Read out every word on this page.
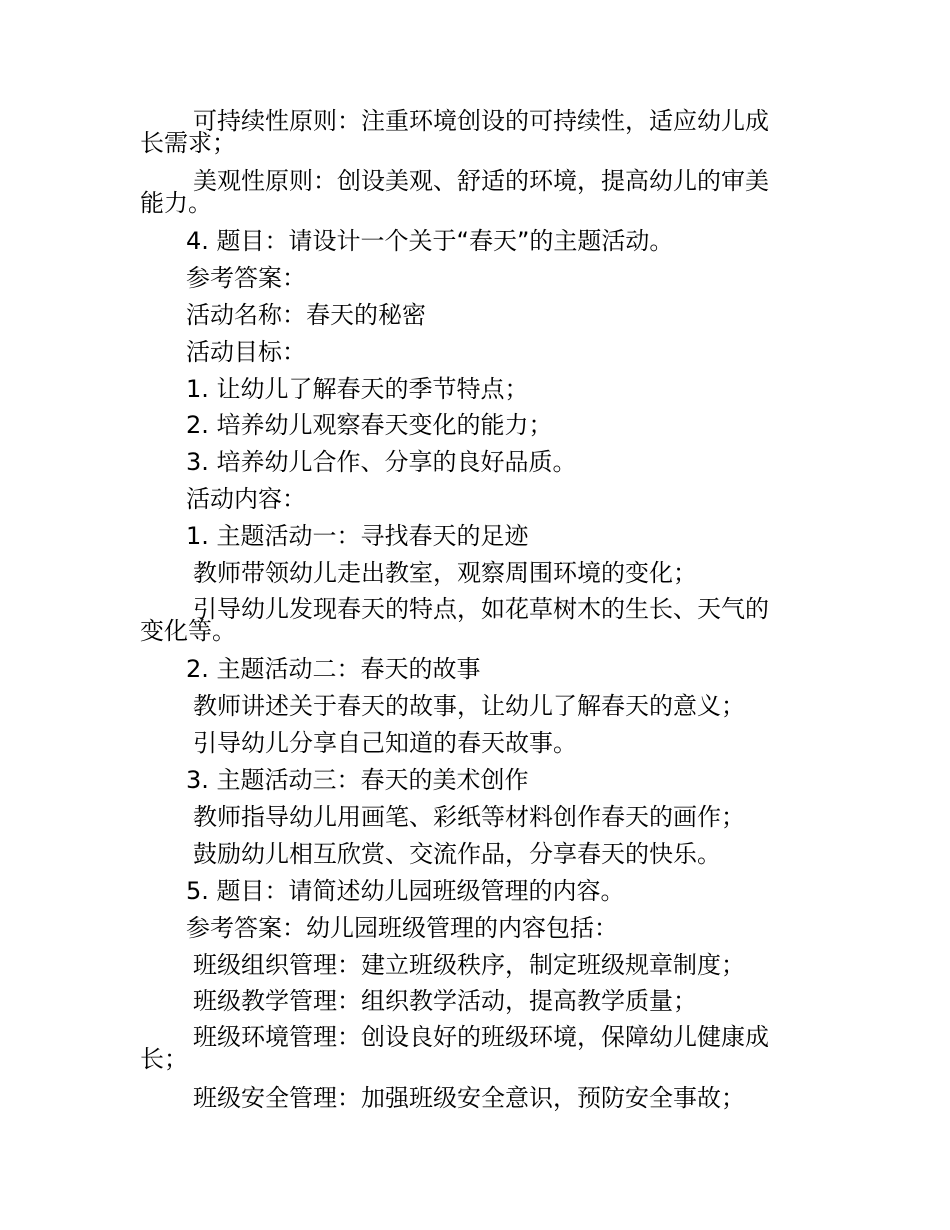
可持续性原则：注重环境创设的可持续性，适应幼儿成
长需求；
美观性原则：创设美观、舒适的环境，提高幼儿的审美
能力。
4. 题目：请设计一个关于“春天”的主题活动。
参考答案：
活动名称：春天的秘密
活动目标：
1. 让幼儿了解春天的季节特点；
2. 培养幼儿观察春天变化的能力；
3. 培养幼儿合作、分享的良好品质。
活动内容：
1. 主题活动一：寻找春天的足迹
教师带领幼儿走出教室，观察周围环境的变化；
引导幼儿发现春天的特点，如花草树木的生长、天气的
变化等。
2. 主题活动二：春天的故事
教师讲述关于春天的故事，让幼儿了解春天的意义；
引导幼儿分享自己知道的春天故事。
3. 主题活动三：春天的美术创作
教师指导幼儿用画笔、彩纸等材料创作春天的画作；
鼓励幼儿相互欣赏、交流作品，分享春天的快乐。
5. 题目：请简述幼儿园班级管理的内容。
参考答案：幼儿园班级管理的内容包括：
班级组织管理：建立班级秩序，制定班级规章制度；
班级教学管理：组织教学活动，提高教学质量；
班级环境管理：创设良好的班级环境，保障幼儿健康成
长；
班级安全管理：加强班级安全意识，预防安全事故；
